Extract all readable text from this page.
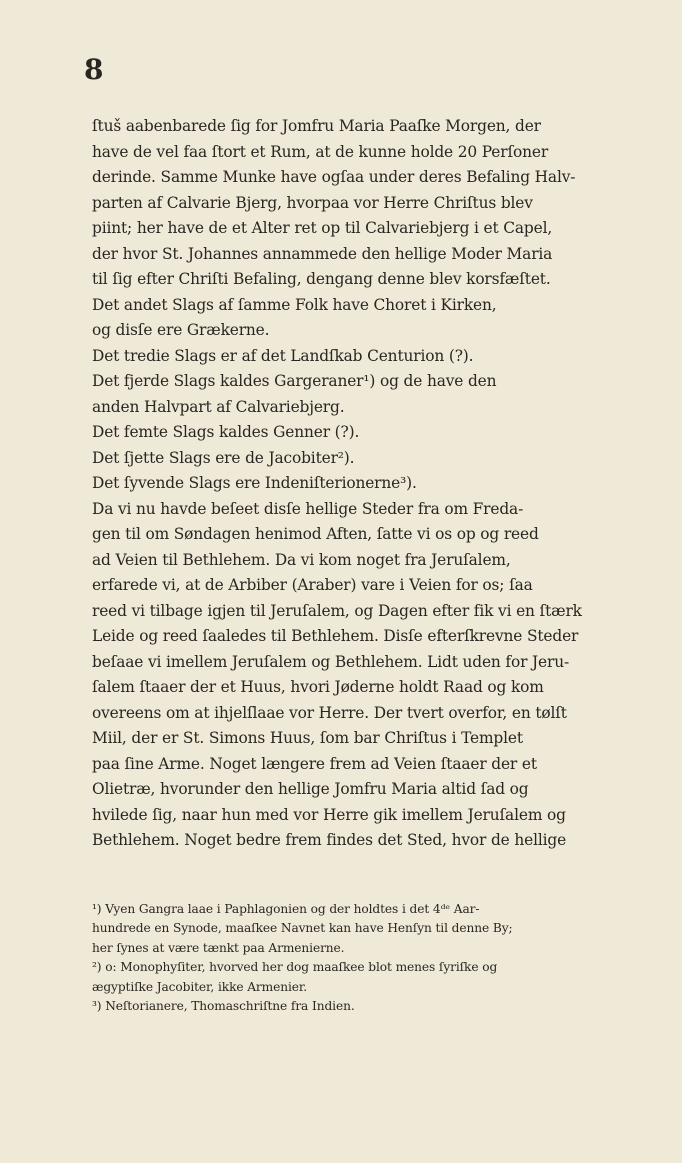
8
ſtuš aabenbarede ſig for Jomfru Maria Paaſke Morgen, der
have de vel faa ſtort et Rum, at de kunne holde 20 Perſoner
derinde. Samme Munke have ogſaa under deres Befaling Halv-
parten af Calvarie Bjerg, hvorpaa vor Herre Chriſtus blev
piint; her have de et Alter ret op til Calvariebjerg i et Capel,
der hvor St. Johannes annammede den hellige Moder Maria
til ſig efter Chriſti Befaling, dengang denne blev korsfæſtet.
Det andet Slags af ſamme Folk have Choret i Kirken,
og disſe ere Grækerne.
Det tredie Slags er af det Landſkab Centurion (?).
Det fjerde Slags kaldes Gargeraner¹) og de have den
anden Halvpart af Calvariebjerg.
Det femte Slags kaldes Genner (?).
Det ſjette Slags ere de Jacobiter²).
Det ſyvende Slags ere Indeniſterionerne³).
Da vi nu havde beſeet disſe hellige Steder fra om Freda-
gen til om Søndagen henimod Aften, ſatte vi os op og reed
ad Veien til Bethlehem. Da vi kom noget fra Jeruſalem,
erfarede vi, at de Arbiber (Araber) vare i Veien for os; ſaa
reed vi tilbage igjen til Jeruſalem, og Dagen efter fik vi en ſtærk
Leide og reed ſaaledes til Bethlehem. Disſe efterſkrevne Steder
beſaae vi imellem Jeruſalem og Bethlehem. Lidt uden for Jeru-
ſalem ſtaaer der et Huus, hvori Jøderne holdt Raad og kom
overeens om at ihjelſlaae vor Herre. Der tvert overfor, en tølſt
Miil, der er St. Simons Huus, ſom bar Chriſtus i Templet
paa ſine Arme. Noget længere frem ad Veien ſtaaer der et
Olietræ, hvorunder den hellige Jomfru Maria altid ſad og
hvilede ſig, naar hun med vor Herre gik imellem Jeruſalem og
Bethlehem. Noget bedre frem findes det Sted, hvor de hellige
¹) Vyen Gangra laae i Paphlagonien og der holdtes i det 4ᵈᵉ Aar-
hundrede en Synode, maaſkee Navnet kan have Henſyn til denne By;
her ſynes at være tænkt paa Armenierne.
²) o: Monophyſiter, hvorved her dog maaſkee blot menes ſyriſke og
ægyptiſke Jacobiter, ikke Armenier.
³) Neſtorianere, Thomaschriſtne fra Indien.
